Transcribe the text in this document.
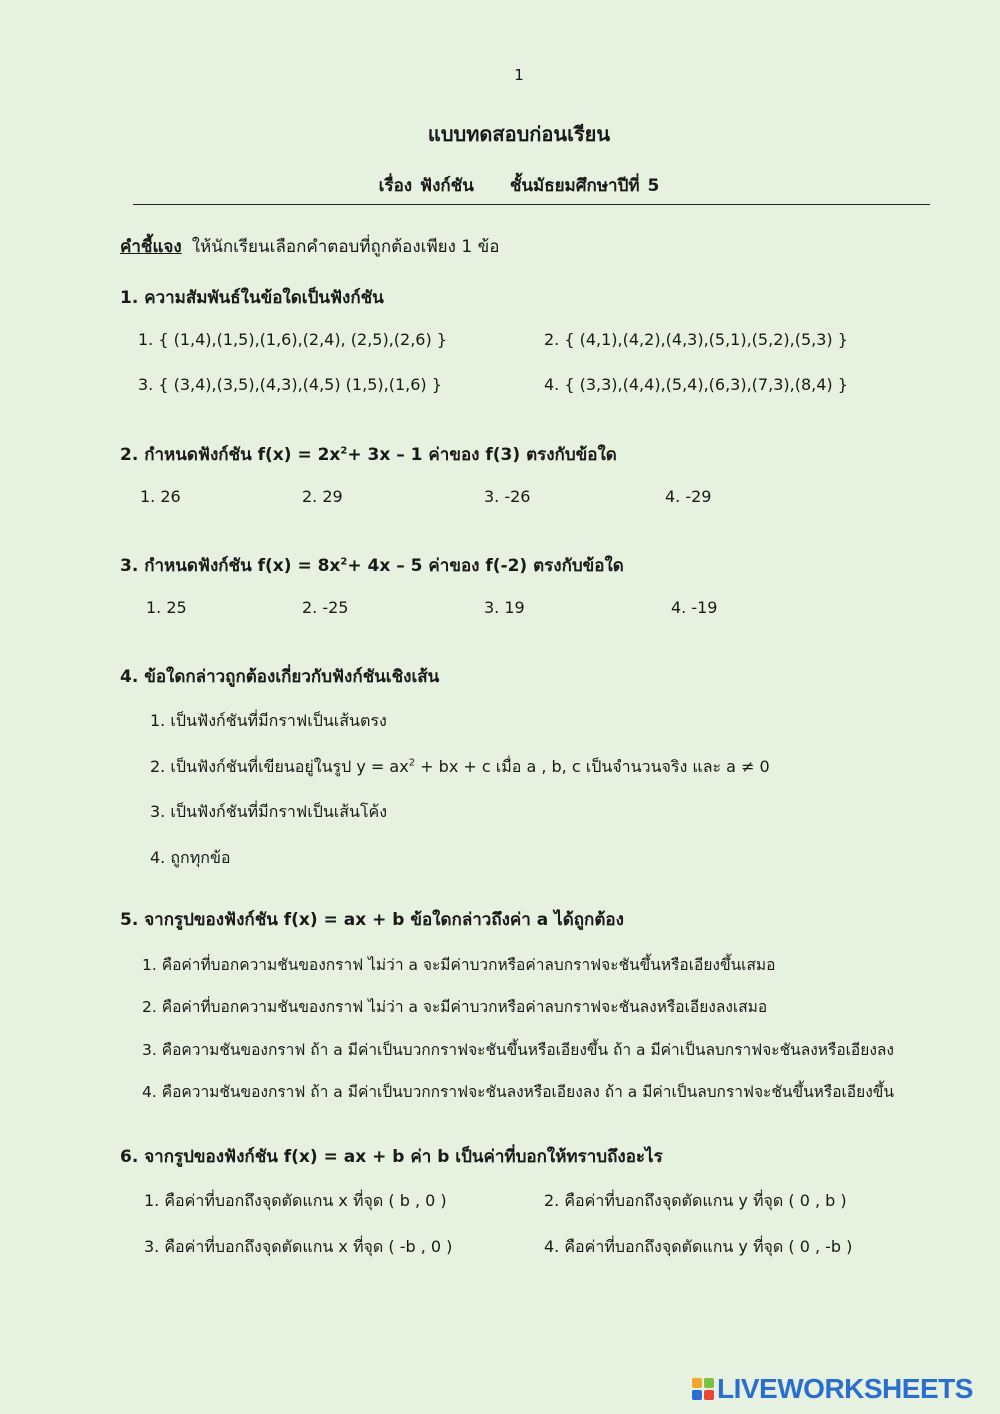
1
แบบทดสอบก่อนเรียน
เรื่อง ฟังก์ชัน ชั้นมัธยมศึกษาปีที่ 5
คำชี้แจง ให้นักเรียนเลือกคำตอบที่ถูกต้องเพียง 1 ข้อ
1. ความสัมพันธ์ในข้อใดเป็นฟังก์ชัน
1. { (1,4),(1,5),(1,6),(2,4), (2,5),(2,6) }	2. { (4,1),(4,2),(4,3),(5,1),(5,2),(5,3) }
3. { (3,4),(3,5),(4,3),(4,5) (1,5),(1,6) }	4. { (3,3),(4,4),(5,4),(6,3),(7,3),(8,4) }
2. กำหนดฟังก์ชัน $f(x) = 2x^2+ 3x - 1$ ค่าของ f(3) ตรงกับข้อใด
1. 26	2. 29	3. -26	4. -29
3. กำหนดฟังก์ชัน $f(x) = 8x^2+ 4x - 5$ ค่าของ f(-2) ตรงกับข้อใด
1. 25	2. -25	3. 19	4. -19
4. ข้อใดกล่าวถูกต้องเกี่ยวกับฟังก์ชันเชิงเส้น
1. เป็นฟังก์ชันที่มีกราฟเป็นเส้นตรง
2. เป็นฟังก์ชันที่เขียนอยู่ในรูป $y = ax^2$ + bx + c เมื่อ a , b, c เป็นจำนวนจริง และ a ≠ 0
3. เป็นฟังก์ชันที่มีกราฟเป็นเส้นโค้ง
4. ถูกทุกข้อ
5. จากรูปของฟังก์ชัน f(x) = ax + b ข้อใดกล่าวถึงค่า a ได้ถูกต้อง
1. คือค่าที่บอกความชันของกราฟ ไม่ว่า a จะมีค่าบวกหรือค่าลบกราฟจะชันขึ้นหรือเอียงขึ้นเสมอ
2. คือค่าที่บอกความชันของกราฟ ไม่ว่า a จะมีค่าบวกหรือค่าลบกราฟจะชันลงหรือเอียงลงเสมอ
3. คือความชันของกราฟ ถ้า a มีค่าเป็นบวกกราฟจะชันขึ้นหรือเอียงขึ้น ถ้า a มีค่าเป็นลบกราฟจะชันลงหรือเอียงลง
4. คือความชันของกราฟ ถ้า a มีค่าเป็นบวกกราฟจะชันลงหรือเอียงลง ถ้า a มีค่าเป็นลบกราฟจะชันขึ้นหรือเอียงขึ้น
6. จากรูปของฟังก์ชัน f(x) = ax + b ค่า b เป็นค่าที่บอกให้ทราบถึงอะไร
1. คือค่าที่บอกถึงจุดตัดแกน x ที่จุด ( b , 0 )	2. คือค่าที่บอกถึงจุดตัดแกน y ที่จุด ( 0 , b )
3. คือค่าที่บอกถึงจุดตัดแกน x ที่จุด ( -b , 0 )	4. คือค่าที่บอกถึงจุดตัดแกน y ที่จุด ( 0 , -b )
LIVEWORKSHEETS
